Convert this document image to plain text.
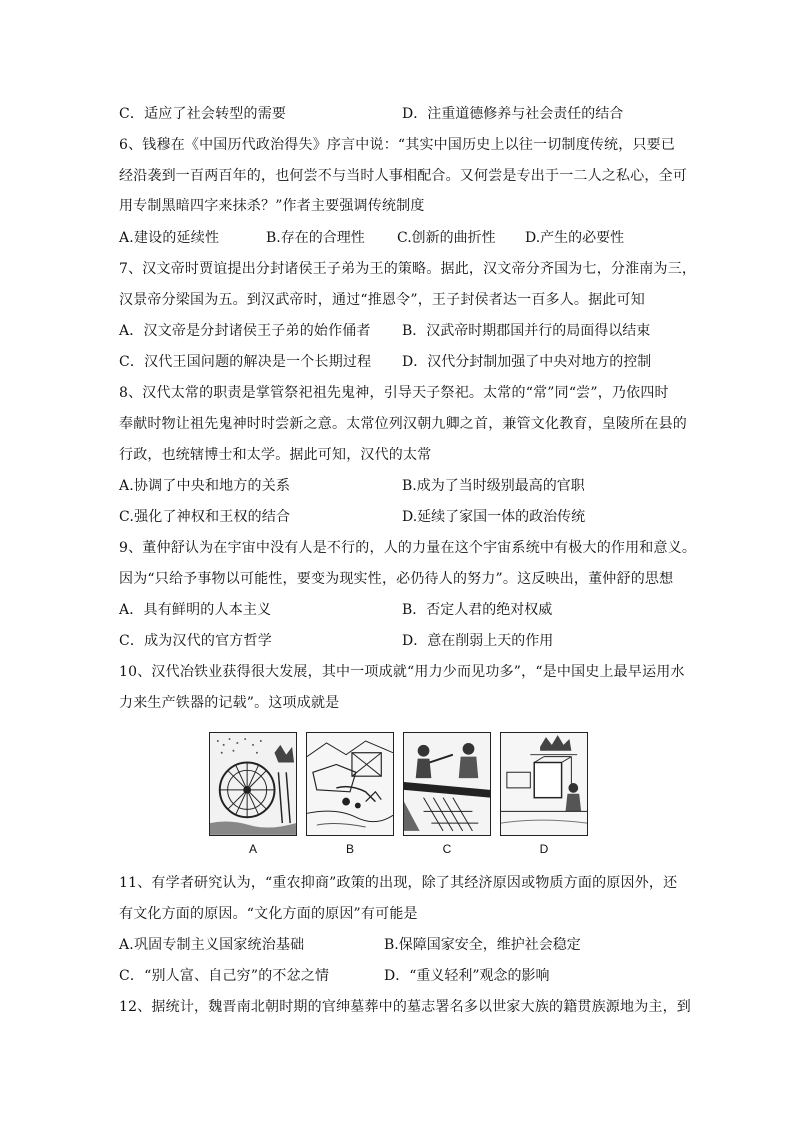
C．适应了社会转型的需要	D．注重道德修养与社会责任的结合
6、钱穆在《中国历代政治得失》序言中说：“其实中国历史上以往一切制度传统，只要已
经沿袭到一百两百年的，也何尝不与当时人事相配合。又何尝是专出于一二人之私心，全可
用专制黑暗四字来抹杀？”作者主要强调传统制度
A.建设的延续性	B.存在的合理性 C.创新的曲折性 D.产生的必要性
7、汉文帝时贾谊提出分封诸侯王子弟为王的策略。据此，汉文帝分齐国为七，分淮南为三，
汉景帝分梁国为五。到汉武帝时，通过“推恩令”，王子封侯者达一百多人。据此可知
A．汉文帝是分封诸侯王子弟的始作俑者 B．汉武帝时期郡国并行的局面得以结束
C．汉代王国问题的解决是一个长期过程 D．汉代分封制加强了中央对地方的控制
8、汉代太常的职责是掌管祭祀祖先鬼神，引导天子祭祀。太常的“常”同“尝”，乃依四时
奉献时物让祖先鬼神时时尝新之意。太常位列汉朝九卿之首，兼管文化教育，皇陵所在县的
行政，也统辖博士和太学。据此可知，汉代的太常
A.协调了中央和地方的关系	B.成为了当时级别最高的官职
C.强化了神权和王权的结合	D.延续了家国一体的政治传统
9、董仲舒认为在宇宙中没有人是不行的，人的力量在这个宇宙系统中有极大的作用和意义。
因为“只给予事物以可能性，要变为现实性，必仍待人的努力”。这反映出，董仲舒的思想
A．具有鲜明的人本主义	B．否定人君的绝对权威
C．成为汉代的官方哲学	D．意在削弱上天的作用
10、汉代冶铁业获得很大发展，其中一项成就“用力少而见功多”，“是中国史上最早运用水
力来生产铁器的记载”。这项成就是
A	B	C	D
11、有学者研究认为，“重农抑商”政策的出现，除了其经济原因或物质方面的原因外，还
有文化方面的原因。“文化方面的原因”有可能是
A.巩固专制主义国家统治基础	B.保障国家安全，维护社会稳定
C．“别人富、自己穷”的不忿之情	D．“重义轻利”观念的影响
12、据统计，魏晋南北朝时期的官绅墓葬中的墓志署名多以世家大族的籍贯族源地为主，到
